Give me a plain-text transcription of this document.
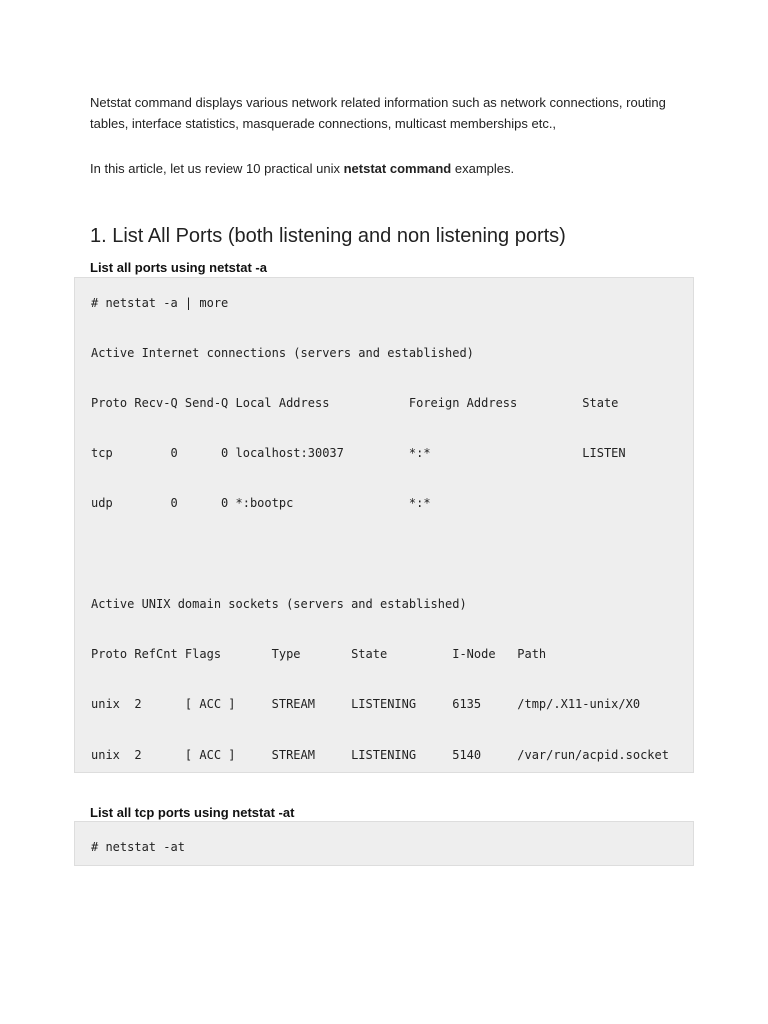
Netstat command displays various network related information such as network connections, routing tables, interface statistics, masquerade connections, multicast memberships etc.,

In this article, let us review 10 practical unix netstat command examples.

1. List All Ports (both listening and non listening ports)

List all ports using netstat -a

# netstat -a | more
Active Internet connections (servers and established)
Proto Recv-Q Send-Q Local Address           Foreign Address         State
tcp        0      0 localhost:30037         *:*                     LISTEN
udp        0      0 *:bootpc                *:*
Active UNIX domain sockets (servers and established)
Proto RefCnt Flags       Type       State         I-Node   Path
unix  2      [ ACC ]     STREAM     LISTENING     6135     /tmp/.X11-unix/X0
unix  2      [ ACC ]     STREAM     LISTENING     5140     /var/run/acpid.socket

List all tcp ports using netstat -at

# netstat -at
